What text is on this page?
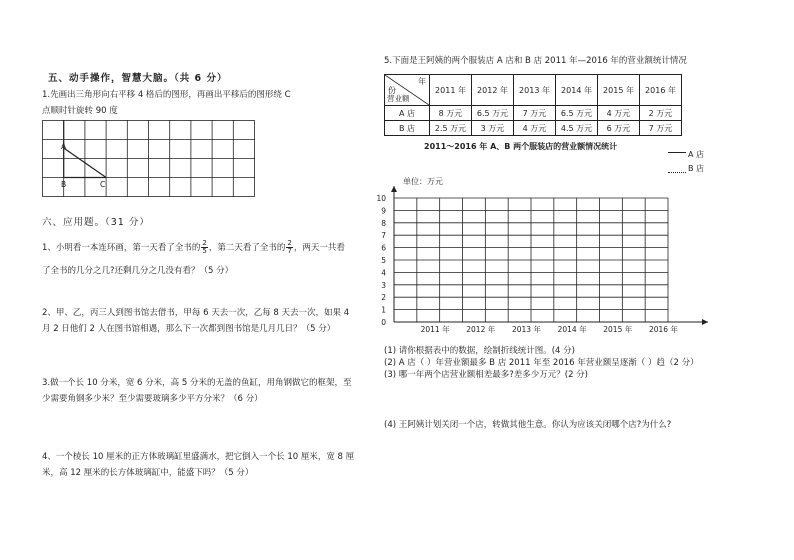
五、动手操作，智慧大脑。（共 6 分）
1.先画出三角形向右平移 4 格后的图形，再画出平移后的图形绕 C
点顺时针旋转 90 度
A
B	C
六、应用题。（31 分）
1、小明看一本连环画，第一天看了全书的 $\frac{2}{5}$ ，第二天看了全书的 $\frac{2}{7}$ ，两天一共看
了全书的几分之几?还剩几分之几没有看？（5 分）
2、甲、乙，丙三人到图书馆去借书，甲每 6 天去一次，乙每 8 天去一次，如果 4
月 2 日他们 2 人在图书馆相遇，那么下一次都到图书馆是几月几日？（5 分）
3.做一个长 10 分米，宽 6 分米，高 5 分米的无盖的鱼缸，用角钢做它的框架，至
少需要角钢多少米？至少需要玻璃多少平方分米？（6 分）
4、一个棱长 10 厘米的正方体玻璃缸里盛满水，把它倒入一个长 10 厘米，宽 8 厘
米，高 12 厘米的长方体玻璃缸中，能盛下吗？（5 分）
5.下面是王阿姨的两个服装店 A 店和 B 店 2011 年—2016 年的营业额统计情况
年
份
营业额	2011 年	2012 年	2013 年	2014 年	2015 年	2016 年
A 店	8 万元	6.5 万元	7 万元	6.5 万元	4 万元	2 万元
B 店	2.5 万元	3 万元	4 万元	4.5 万元	6 万元	7 万元
2011～2016 年 A、B 两个服装店的营业额情况统计
A 店
B 店
单位：万元
0
1
2
3
4
5
6
7
8
9
10
2011 年 2012 年 2013 年 2014 年 2015 年 2016 年
(1) 请你根据表中的数据，绘制折线统计图。(4 分)
(2) A 店（ ）年营业额最多 B 店 2011 年至 2016 年营业额呈逐渐（ ）趋（2 分）
(3) 哪一年两个店营业额相差最多?差多少万元？(2 分)
(4) 王阿姨计划关闭一个店，转做其他生意。你认为应该关闭哪个店?为什么?
